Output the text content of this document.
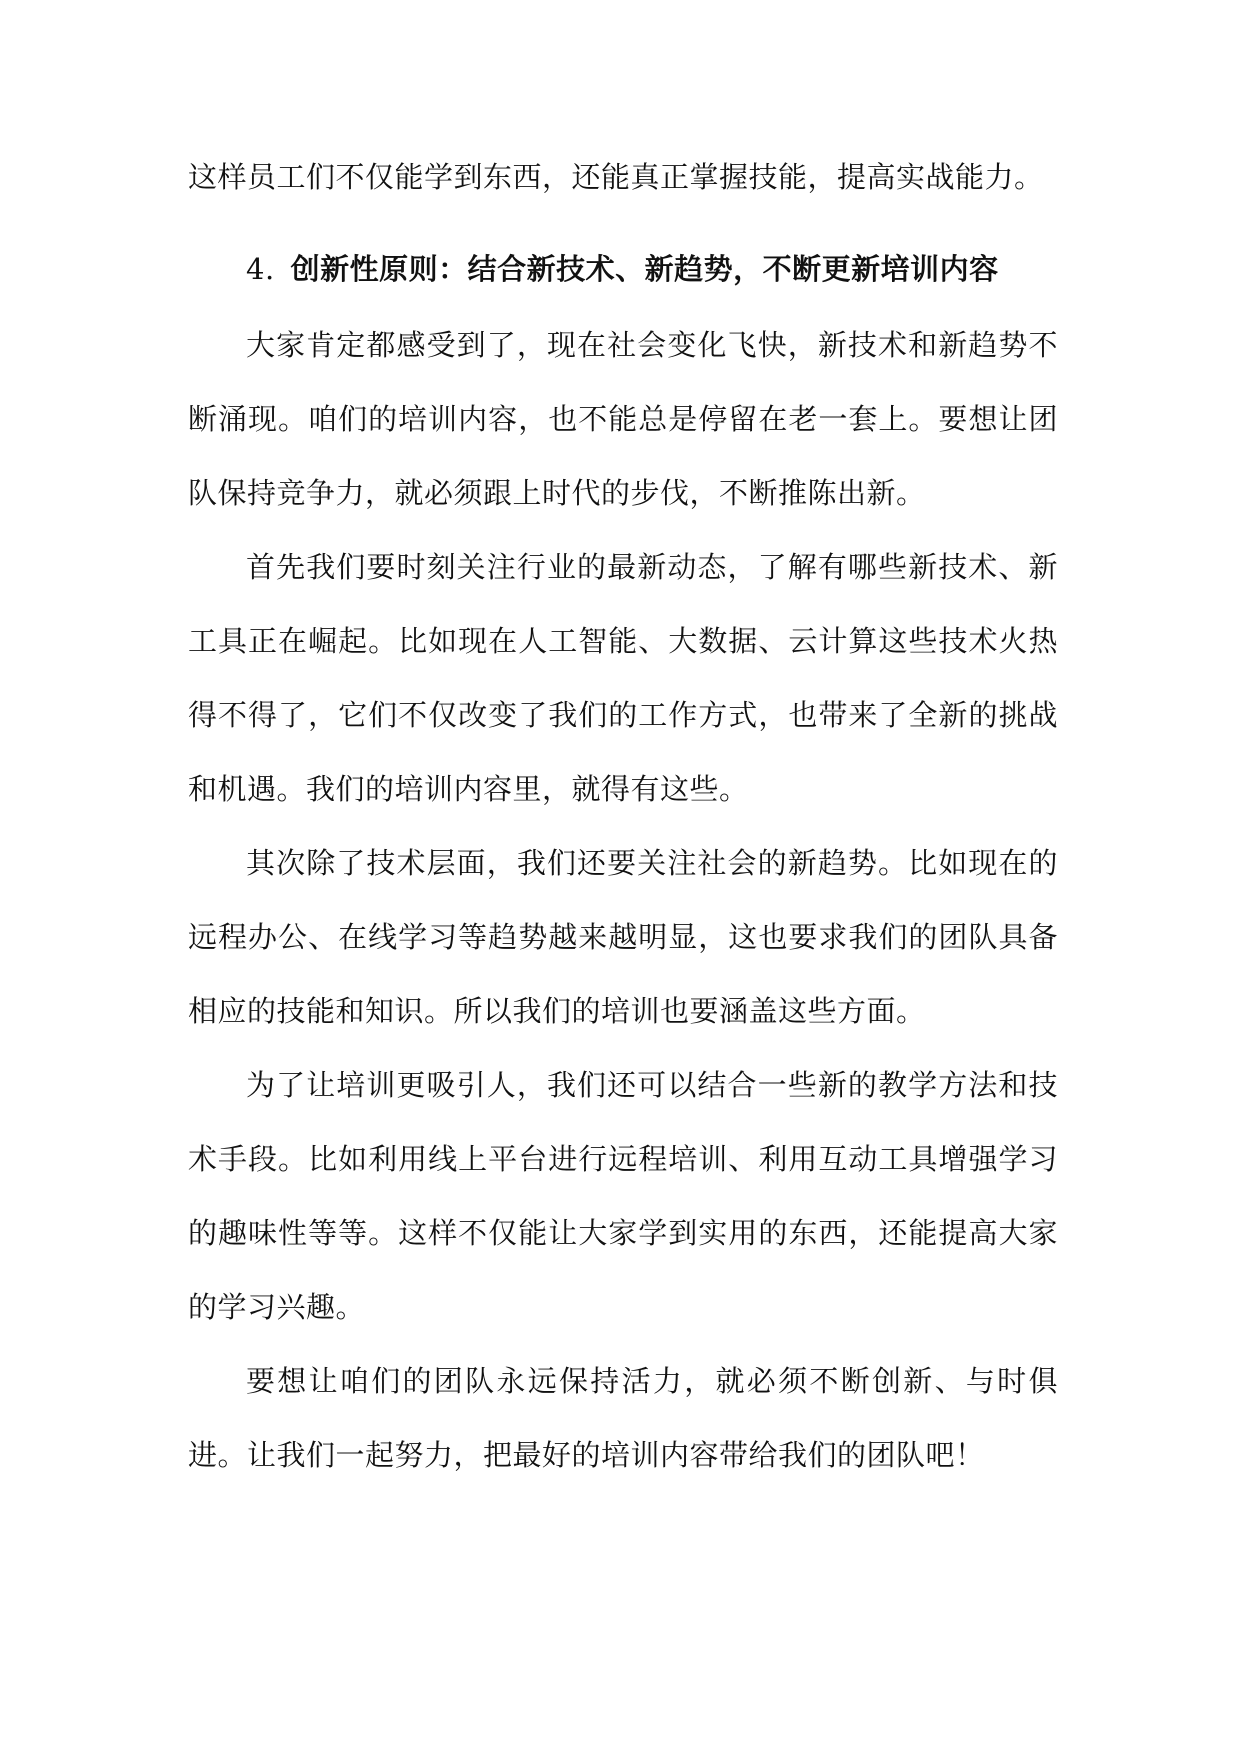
这样员工们不仅能学到东西，还能真正掌握技能，提高实战能力。

4. 创新性原则：结合新技术、新趋势，不断更新培训内容

大家肯定都感受到了，现在社会变化飞快，新技术和新趋势不断涌现。咱们的培训内容，也不能总是停留在老一套上。要想让团队保持竞争力，就必须跟上时代的步伐，不断推陈出新。

首先我们要时刻关注行业的最新动态，了解有哪些新技术、新工具正在崛起。比如现在人工智能、大数据、云计算这些技术火热得不得了，它们不仅改变了我们的工作方式，也带来了全新的挑战和机遇。我们的培训内容里，就得有这些。

其次除了技术层面，我们还要关注社会的新趋势。比如现在的远程办公、在线学习等趋势越来越明显，这也要求我们的团队具备相应的技能和知识。所以我们的培训也要涵盖这些方面。

为了让培训更吸引人，我们还可以结合一些新的教学方法和技术手段。比如利用线上平台进行远程培训、利用互动工具增强学习的趣味性等等。这样不仅能让大家学到实用的东西，还能提高大家的学习兴趣。

要想让咱们的团队永远保持活力，就必须不断创新、与时俱进。让我们一起努力，把最好的培训内容带给我们的团队吧！
